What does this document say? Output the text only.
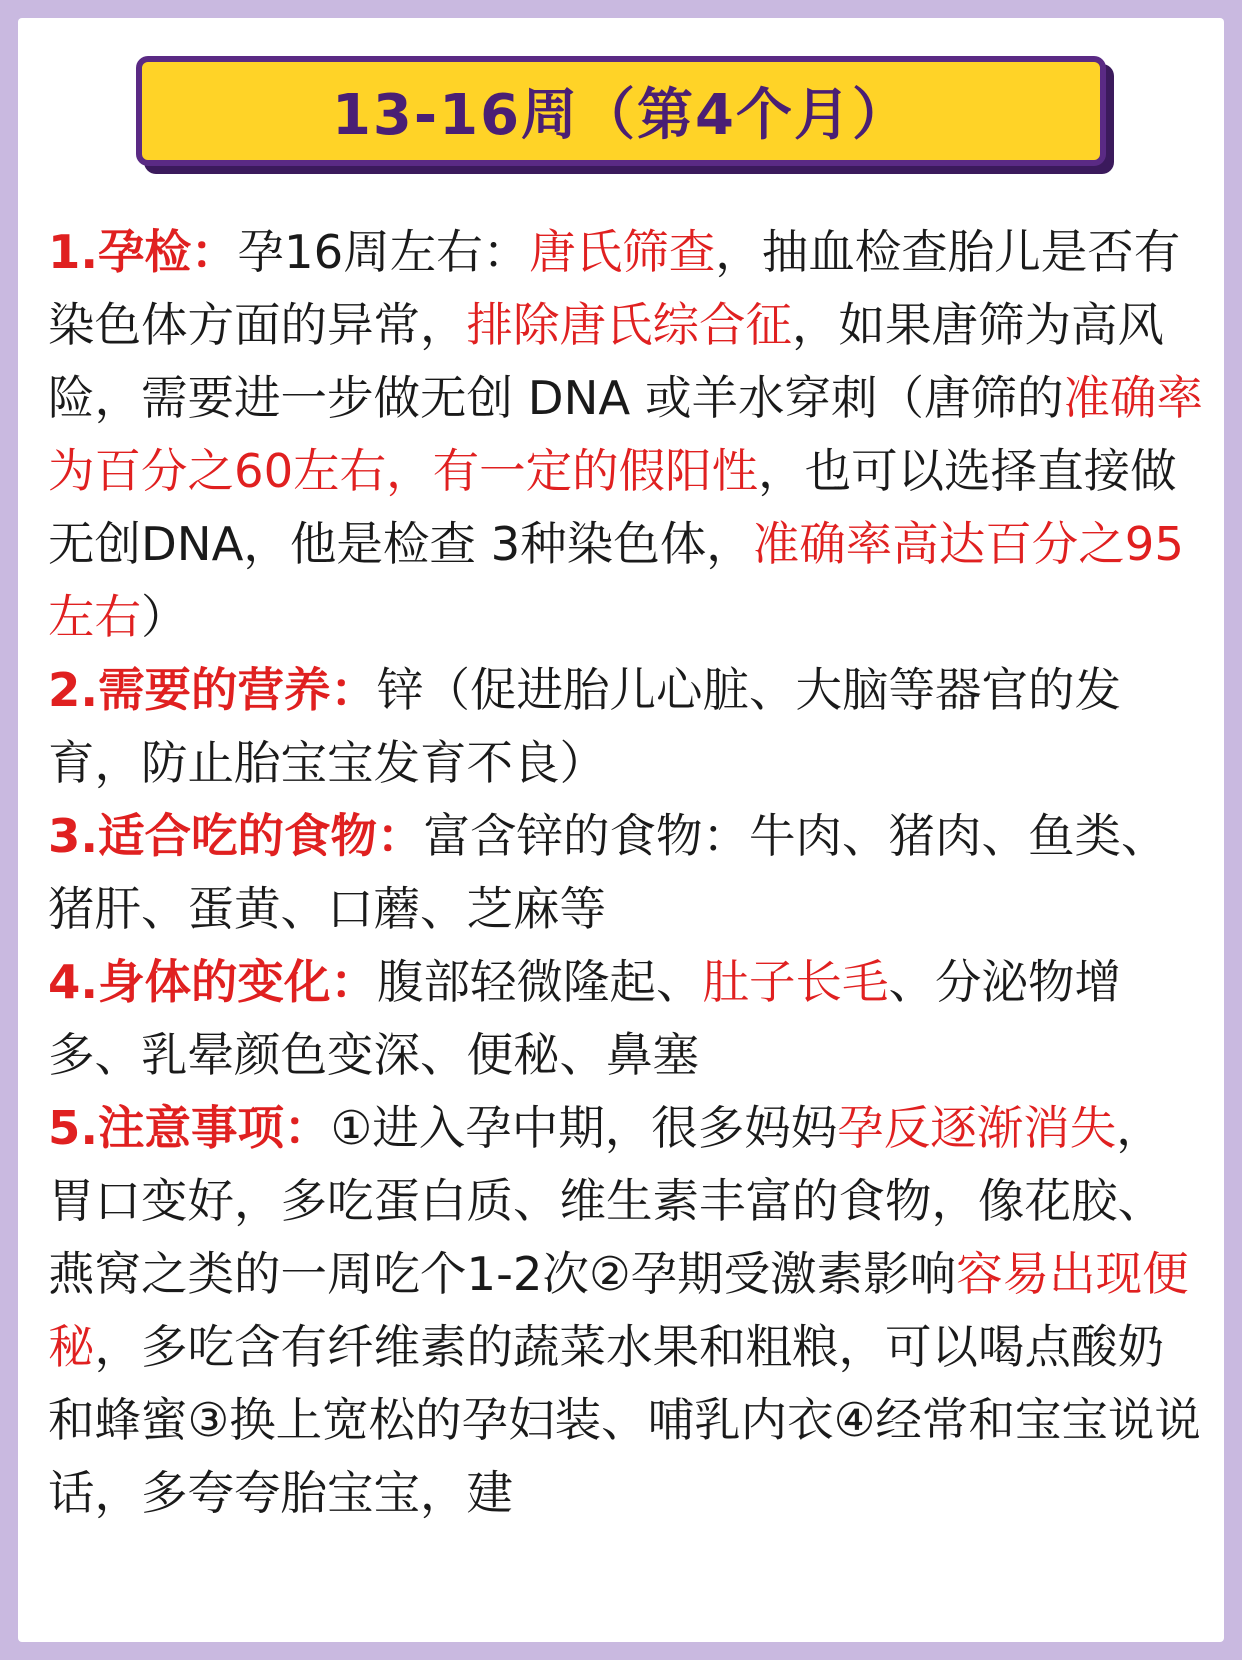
13-16周（第4个月）

1.孕检：孕16周左右：唐氏筛查，抽血检查胎儿是否有染色体方面的异常，排除唐氏综合征，如果唐筛为高风险，需要进一步做无创 DNA 或羊水穿刺（唐筛的准确率为百分之60左右，有一定的假阳性，也可以选择直接做无创DNA，他是检查 3种染色体，准确率高达百分之95左右）

2.需要的营养：锌（促进胎儿心脏、大脑等器官的发育，防止胎宝宝发育不良）

3.适合吃的食物：富含锌的食物：牛肉、猪肉、鱼类、猪肝、蛋黄、口蘑、芝麻等

4.身体的变化：腹部轻微隆起、肚子长毛、分泌物增多、乳晕颜色变深、便秘、鼻塞

5.注意事项：①进入孕中期，很多妈妈孕反逐渐消失，胃口变好，多吃蛋白质、维生素丰富的食物，像花胶、燕窝之类的一周吃个1-2次②孕期受激素影响容易出现便秘，多吃含有纤维素的蔬菜水果和粗粮，可以喝点酸奶和蜂蜜③换上宽松的孕妇装、哺乳内衣④经常和宝宝说说话，多夸夸胎宝宝，建
